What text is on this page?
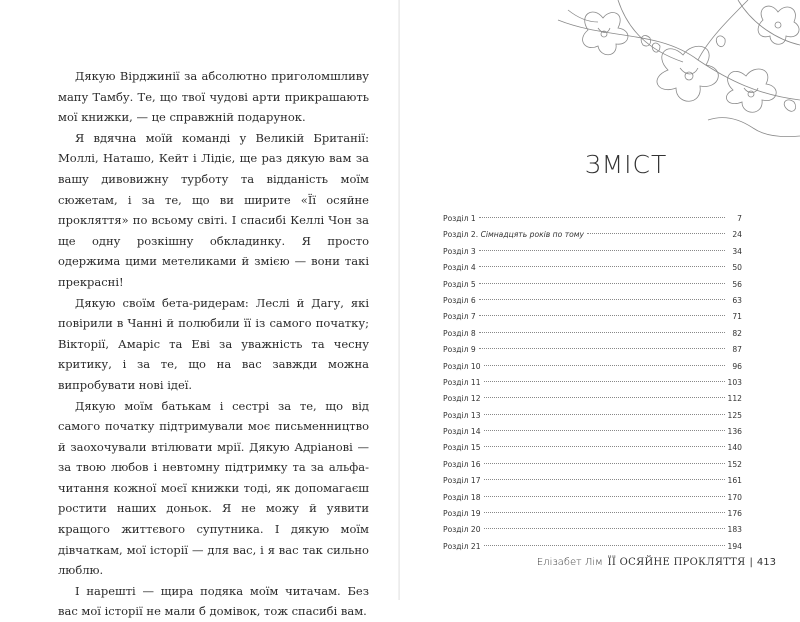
Дякую Вірджинії за абсолютно приголомшливу мапу Тамбу. Те, що твої чудові арти прикрашають мої книжки, — це справжній подарунок.

Я вдячна моїй команді у Великій Британії: Моллі, Наташо, Кейт і Лідіє, ще раз дякую вам за вашу дивовижну турботу та відданість моїм сюжетам, і за те, що ви ширите «Її осяйне прокляття» по всьому світі. І спасибі Келлі Чон за ще одну розкішну обкладинку. Я просто одержима цими метеликами й змією — вони такі прекрасні!

Дякую своїм бета-ридерам: Леслі й Дагу, які повірили в Чанні й полюбили її із самого початку; Вікторії, Амаріс та Еві за уважність та чесну критику, і за те, що на вас завжди можна випробувати нові ідеї.

Дякую моїм батькам і сестрі за те, що від самого початку підтримували моє письменництво й заохочували втілювати мрії. Дякую Адріанові — за твою любов і невтомну підтримку та за альфа-читання кожної моєї книжки тоді, як допомагаєш ростити наших доньок. Я не можу й уявити кращого життєвого супутника. І дякую моїм дівчаткам, мої історії — для вас, і я вас так сильно люблю.

І нарешті — щира подяка моїм читачам. Без вас мої історії не мали б домівок, тож спасибі вам.

ЗМІСТ
Розділ 1	7
Розділ 2. Сімнадцять років по тому	24
Розділ 3	34
Розділ 4	50
Розділ 5	56
Розділ 6	63
Розділ 7	71
Розділ 8	82
Розділ 9	87
Розділ 10	96
Розділ 11	103
Розділ 12	112
Розділ 13	125
Розділ 14	136
Розділ 15	140
Розділ 16	152
Розділ 17	161
Розділ 18	170
Розділ 19	176
Розділ 20	183
Розділ 21	194
Елізабет Лім ЇЇ ОСЯЙНЕ ПРОКЛЯТТЯ | 413
